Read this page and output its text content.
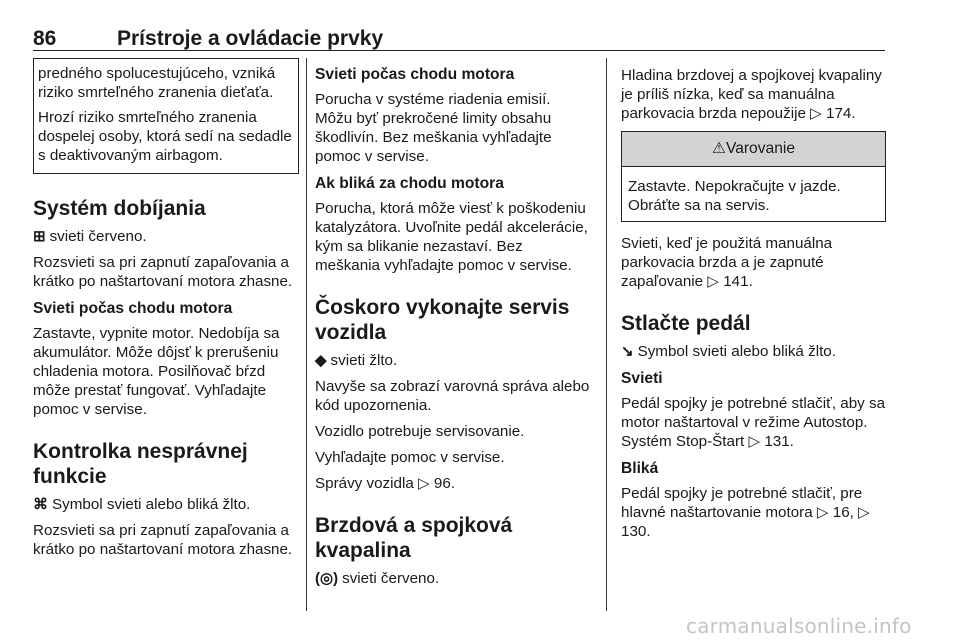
86	Prístroje a ovládacie prvky

predného spolucestujúceho, vzniká riziko smrteľného zranenia dieťaťa.

Hrozí riziko smrteľného zranenia dospelej osoby, ktorá sedí na sedadle s deaktivovaným airbagom.

Systém dobíjania

⊞ svieti červeno.

Rozsvieti sa pri zapnutí zapaľovania a krátko po naštartovaní motora zhasne.

Svieti počas chodu motora

Zastavte, vypnite motor. Nedobíja sa akumulátor. Môže dôjsť k prerušeniu chladenia motora. Posilňovač bŕzd môže prestať fungovať. Vyhľadajte pomoc v servise.

Kontrolka nesprávnej funkcie

⌘ Symbol svieti alebo bliká žlto.

Rozsvieti sa pri zapnutí zapaľovania a krátko po naštartovaní motora zhasne.

Svieti počas chodu motora

Porucha v systéme riadenia emisií. Môžu byť prekročené limity obsahu škodlivín. Bez meškania vyhľadajte pomoc v servise.

Ak bliká za chodu motora

Porucha, ktorá môže viesť k poškodeniu katalyzátora. Uvoľnite pedál akcelerácie, kým sa blikanie nezastaví. Bez meškania vyhľadajte pomoc v servise.

Čoskoro vykonajte servis vozidla

◆ svieti žlto.

Navyše sa zobrazí varovná správa alebo kód upozornenia.

Vozidlo potrebuje servisovanie.

Vyhľadajte pomoc v servise.

Správy vozidla ▷ 96.

Brzdová a spojková kvapalina

(◎) svieti červeno.

Hladina brzdovej a spojkovej kvapaliny je príliš nízka, keď sa manuálna parkovacia brzda nepoužije ▷ 174.

⚠Varovanie

Zastavte. Nepokračujte v jazde. Obráťte sa na servis.

Svieti, keď je použitá manuálna parkovacia brzda a je zapnuté zapaľovanie ▷ 141.

Stlačte pedál

↘ Symbol svieti alebo bliká žlto.

Svieti

Pedál spojky je potrebné stlačiť, aby sa motor naštartoval v režime Autostop. Systém Stop-Štart ▷ 131.

Bliká

Pedál spojky je potrebné stlačiť, pre hlavné naštartovanie motora ▷ 16, ▷ 130.

carmanualsonline.info
